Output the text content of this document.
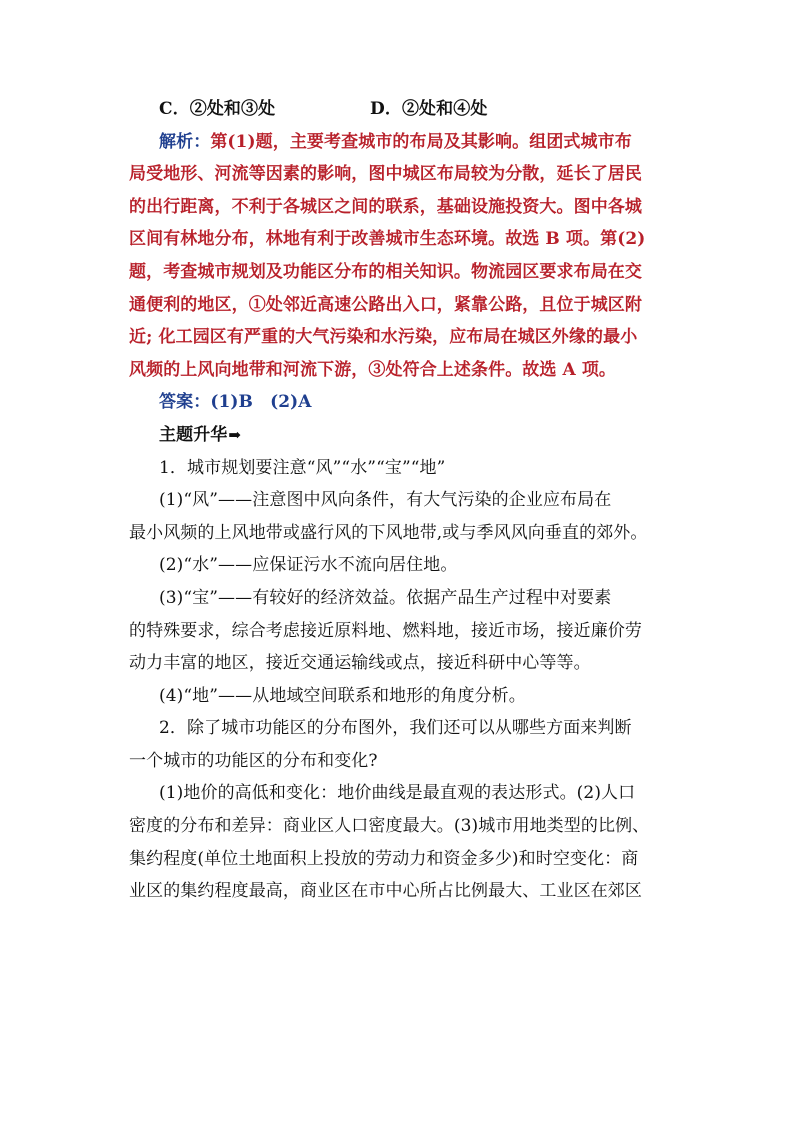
C．②处和③处	D．②处和④处
解析：第(1)题，主要考查城市的布局及其影响。组团式城市布
局受地形、河流等因素的影响，图中城区布局较为分散，延长了居民
的出行距离，不利于各城区之间的联系，基础设施投资大。图中各城
区间有林地分布，林地有利于改善城市生态环境。故选 B 项。第(2)
题，考查城市规划及功能区分布的相关知识。物流园区要求布局在交
通便利的地区，①处邻近高速公路出入口，紧靠公路，且位于城区附
近; 化工园区有严重的大气污染和水污染，应布局在城区外缘的最小
风频的上风向地带和河流下游，③处符合上述条件。故选 A 项。
答案：(1)B　(2)A
主题升华➡
1．城市规划要注意“风”“水”“宝”“地”
(1)“风”——注意图中风向条件，有大气污染的企业应布局在
最小风频的上风地带或盛行风的下风地带,或与季风风向垂直的郊外。
(2)“水”——应保证污水不流向居住地。
(3)“宝”——有较好的经济效益。依据产品生产过程中对要素
的特殊要求，综合考虑接近原料地、燃料地，接近市场，接近廉价劳
动力丰富的地区，接近交通运输线或点，接近科研中心等等。
(4)“地”——从地域空间联系和地形的角度分析。
2．除了城市功能区的分布图外，我们还可以从哪些方面来判断
一个城市的功能区的分布和变化?
(1)地价的高低和变化：地价曲线是最直观的表达形式。(2)人口
密度的分布和差异：商业区人口密度最大。(3)城市用地类型的比例、
集约程度(单位土地面积上投放的劳动力和资金多少)和时空变化：商
业区的集约程度最高，商业区在市中心所占比例最大、工业区在郊区
